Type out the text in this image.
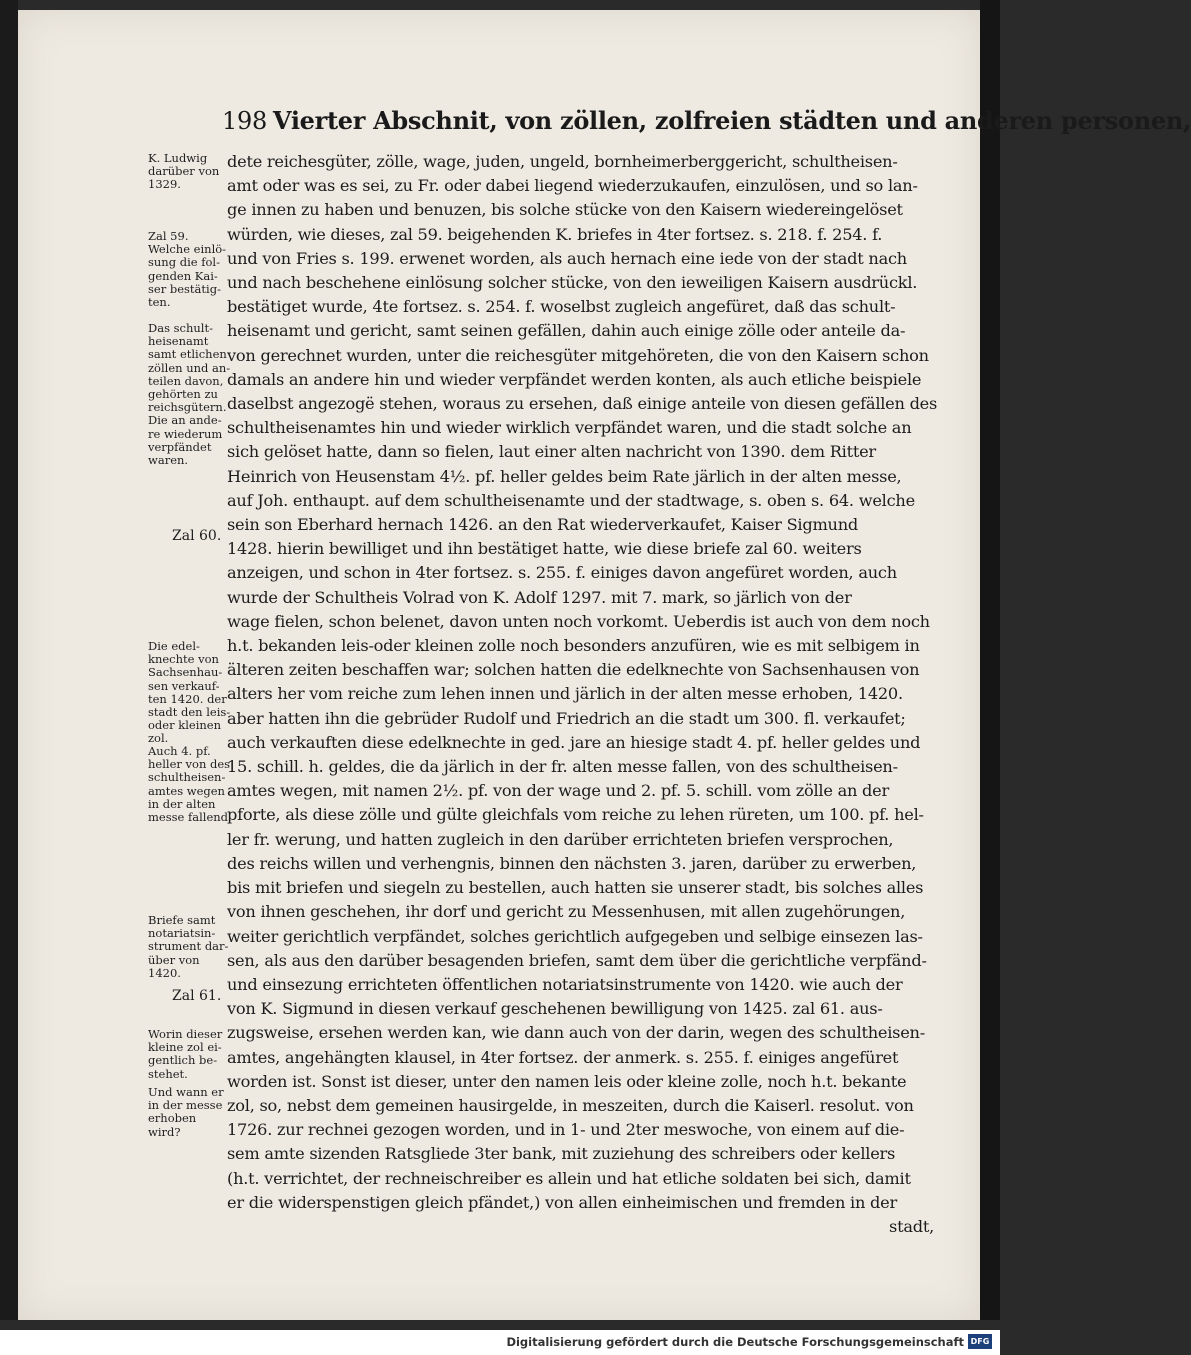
198 Vierter Abschnit, von zöllen, zolfreien städten und anderen personen,
K. Ludwig
darüber von
1329.
Zal 59.
Welche einlö-
sung die fol-
genden Kai-
ser bestätig-
ten.
Das schult-
heisenamt
samt etlichen
zöllen und an-
teilen davon,
gehörten zu
reichsgütern.
Die an ande-
re wiederum
verpfändet
waren.
Zal 60.
Die edel-
knechte von
Sachsenhau-
sen verkauf-
ten 1420. der
stadt den leis-
oder kleinen
zol.
Auch 4. pf.
heller von des
schultheisen-
amtes wegen
in der alten
messe fallend.
Briefe samt
notariatsin-
strument dar-
über von
1420.
Zal 61.
Worin dieser
kleine zol ei-
gentlich be-
stehet.
Und wann er
in der messe
erhoben
wird?
dete reichesgüter, zölle, wage, juden, ungeld, bornheimerberggericht, schultheisen-
amt oder was es sei, zu Fr. oder dabei liegend wiederzukaufen, einzulösen, und so lan-
ge innen zu haben und benuzen, bis solche stücke von den Kaisern wiedereingelöset
würden, wie dieses, zal 59. beigehenden K. briefes in 4ter fortsez. s. 218. f. 254. f.
und von Fries s. 199. erwenet worden, als auch hernach eine iede von der stadt nach
und nach beschehene einlösung solcher stücke, von den ieweiligen Kaisern ausdrückl.
bestätiget wurde, 4te fortsez. s. 254. f. woselbst zugleich angefüret, daß das schult-
heisenamt und gericht, samt seinen gefällen, dahin auch einige zölle oder anteile da-
von gerechnet wurden, unter die reichesgüter mitgehöreten, die von den Kaisern schon
damals an andere hin und wieder verpfändet werden konten, als auch etliche beispiele
daselbst angezogë stehen, woraus zu ersehen, daß einige anteile von diesen gefällen des
schultheisenamtes hin und wieder wirklich verpfändet waren, und die stadt solche an
sich gelöset hatte, dann so fielen, laut einer alten nachricht von 1390. dem Ritter
Heinrich von Heusenstam 4½. pf. heller geldes beim Rate järlich in der alten messe,
auf Joh. enthaupt. auf dem schultheisenamte und der stadtwage, s. oben s. 64. welche
sein son Eberhard hernach 1426. an den Rat wiederverkaufet, Kaiser Sigmund
1428. hierin bewilliget und ihn bestätiget hatte, wie diese briefe zal 60. weiters
anzeigen, und schon in 4ter fortsez. s. 255. f. einiges davon angefüret worden, auch
wurde der Schultheis Volrad von K. Adolf 1297. mit 7. mark, so järlich von der
wage fielen, schon belenet, davon unten noch vorkomt. Ueberdis ist auch von dem noch
h.t. bekanden leis-oder kleinen zolle noch besonders anzufüren, wie es mit selbigem in
älteren zeiten beschaffen war; solchen hatten die edelknechte von Sachsenhausen von
alters her vom reiche zum lehen innen und järlich in der alten messe erhoben, 1420.
aber hatten ihn die gebrüder Rudolf und Friedrich an die stadt um 300. fl. verkaufet;
auch verkauften diese edelknechte in ged. jare an hiesige stadt 4. pf. heller geldes und
15. schill. h. geldes, die da järlich in der fr. alten messe fallen, von des schultheisen-
amtes wegen, mit namen 2½. pf. von der wage und 2. pf. 5. schill. vom zölle an der
pforte, als diese zölle und gülte gleichfals vom reiche zu lehen rüreten, um 100. pf. hel-
ler fr. werung, und hatten zugleich in den darüber errichteten briefen versprochen,
des reichs willen und verhengnis, binnen den nächsten 3. jaren, darüber zu erwerben,
bis mit briefen und siegeln zu bestellen, auch hatten sie unserer stadt, bis solches alles
von ihnen geschehen, ihr dorf und gericht zu Messenhusen, mit allen zugehörungen,
weiter gerichtlich verpfändet, solches gerichtlich aufgegeben und selbige einsezen las-
sen, als aus den darüber besagenden briefen, samt dem über die gerichtliche verpfänd-
und einsezung errichteten öffentlichen notariatsinstrumente von 1420. wie auch der
von K. Sigmund in diesen verkauf geschehenen bewilligung von 1425. zal 61. aus-
zugsweise, ersehen werden kan, wie dann auch von der darin, wegen des schultheisen-
amtes, angehängten klausel, in 4ter fortsez. der anmerk. s. 255. f. einiges angefüret
worden ist. Sonst ist dieser, unter den namen leis oder kleine zolle, noch h.t. bekante
zol, so, nebst dem gemeinen hausirgelde, in meszeiten, durch die Kaiserl. resolut. von
1726. zur rechnei gezogen worden, und in 1- und 2ter meswoche, von einem auf die-
sem amte sizenden Ratsgliede 3ter bank, mit zuziehung des schreibers oder kellers
(h.t. verrichtet, der rechneischreiber es allein und hat etliche soldaten bei sich, damit
er die widerspenstigen gleich pfändet,) von allen einheimischen und fremden in der
stadt,
Digitalisierung gefördert durch die Deutsche Forschungsgemeinschaft DFG
